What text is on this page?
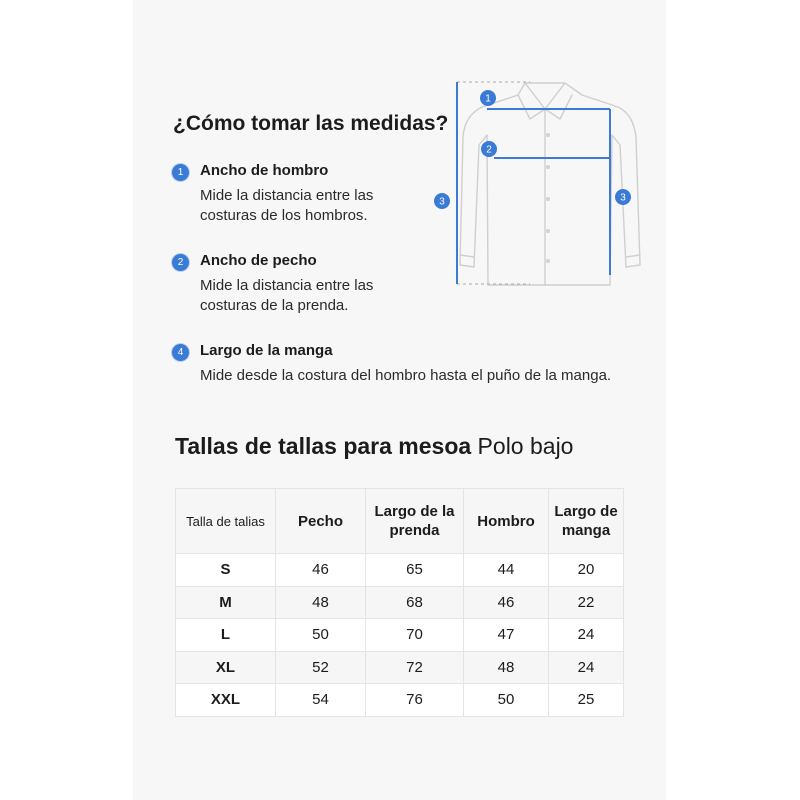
¿Cómo tomar las medidas?
1	Ancho de hombro
Mide la distancia entre las costuras de los hombros.
2	Ancho de pecho
Mide la distancia entre las costuras de la prenda.
4	Largo de la manga
Mide desde la costura del hombro hasta el puño de la manga.
1
2
3	3
Tallas de tallas para mesoa Polo bajo
Talla de talias	Pecho	Largo de la prenda	Hombro	Largo de manga
S	46	65	44	20
M	48	68	46	22
L	50	70	47	24
XL	52	72	48	24
XXL	54	76	50	25
